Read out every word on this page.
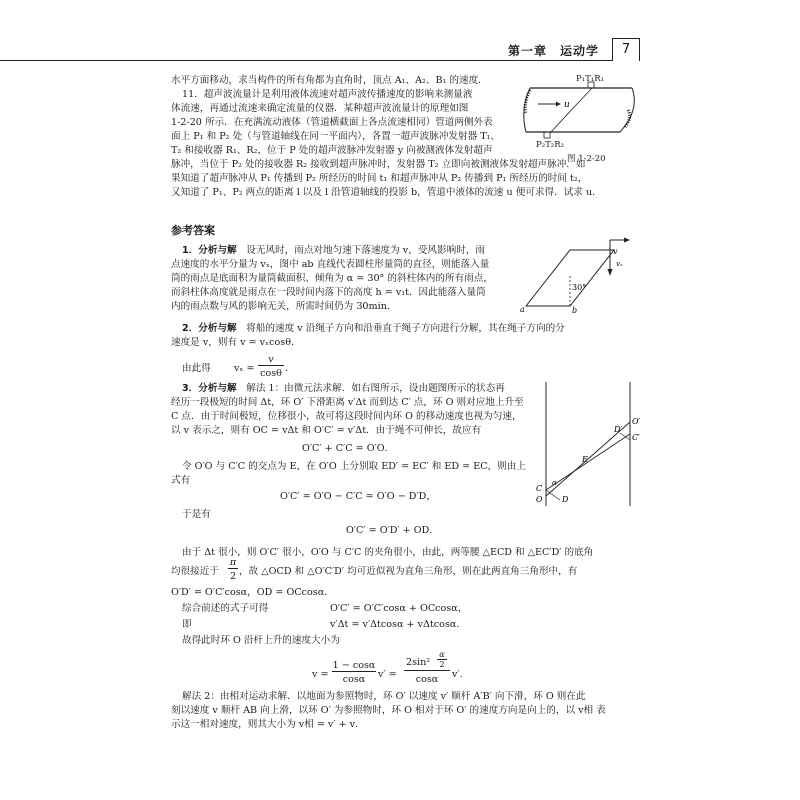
第一章　运动学	7
水平方面移动，求当构件的所有角都为直角时，顶点 A₁、A₂、B₁ 的速度．
11．超声波流量计是利用液体流速对超声波传播速度的影响来测量液
体流速，再通过流速来确定流量的仪器．某种超声波流量计的原理如图
1-2-20 所示．在充满流动液体（管道横截面上各点流速相同）管道两侧外表
面上 P₁ 和 P₂ 处（与管道轴线在同一平面内），各置一超声波脉冲发射器 T₁、
T₂ 和接收器 R₁、R₂，位于 P 处的超声波脉冲发射器 y 向被测液体发射超声
脉冲，当位于 P₂ 处的接收器 R₂ 接收到超声脉冲时，发射器 T₂ 立即向被测液体发射超声脉冲．如
果知道了超声脉冲从 P₁ 传播到 P₂ 所经历的时间 t₁ 和超声脉冲从 P₂ 传播到 P₁ 所经历的时间 t₂，
又知道了 P₁、P₂ 两点的距离 l 以及 l 沿管道轴线的投影 b，管道中液体的流速 u 便可求得．试求 u．
u
P₁T₁R₁
P₂T₂R₂
图 1-2-20
参考答案
1．分析与解　 设无风时，雨点对地匀速下落速度为 v，受风影响时，雨
点速度的水平分量为 vₓ，图中 ab 直线代表圆柱形量筒的直径，则能落入量
筒的雨点是底面积为量筒截面积、倾角为 α = 30° 的斜柱体内的所有雨点，
而斜柱体高度就是雨点在一段时间内落下的高度 h = v₁t．因此能落入量筒
内的雨点数与风的影响无关，所需时间仍为 30min．
v
vₓ
30°
a	b
2．分析与解　 将船的速度 v 沿绳子方向和沿垂直于绳子方向进行分解，其在绳子方向的分
速度是 v，则有 v = vₓcosθ．
由此得 vₓ =
v
cosθ ．
3．分析与解　 解法 1：由微元法求解．如右图所示，设由题图所示的状态再
经历一段极短的时间 Δt，环 O′ 下滑距离 v′Δt 而到达 C′ 点，环 O 则对应地上升至
C 点．由于时间极短，位移很小，故可将这段时间内环 O 的移动速度也视为匀速，
以 v 表示之，则有 OC = vΔt 和 O′C′ = v′Δt．由于绳不可伸长，故应有
O′C′ + C′C = O′O．
令 O′O 与 C′C 的交点为 E，在 O′O 上分别取 ED′ = EC′ 和 ED = EC，则由上
式有
O′C′ = O′O − C′C = O′O − D′D，
于是有
O′C′ = O′D′ + OD．
由于 Δt 很小，则 O′C′ 很小，O′O 与 C′C 的夹角很小，由此，两等腰 △ECD 和 △EC′D′ 的底角
均很接近于
π
2 ，故 △OCD 和 △O′C′D′ 均可近似视为直角三角形，则在此两直角三角形中，有
O′D′ = O′C′cosα，OD = OCcosα．
综合前述的式子可得	O′C′ = O′C′cosα + OCcosα，
即	v′Δt = v′Δtcosα + vΔtcosα．
故得此时环 O 沿杆上升的速度大小为
v =
1 − cosα
cosα	v′ =
2sin²
α
2
cosα	v′．
解法 2：由相对运动求解．以地面为参照物时，环 O′ 以速度 v′ 顺杆 A′B′ 向下滑，环 O 则在此
刻以速度 v 顺杆 AB 向上滑，以环 O′ 为参照物时，环 O 相对于环 O′ 的速度方向是向上的，以 v相 表
示这一相对速度，则其大小为 v相 = v′ + v．
O′
D′
C′
E
α
C
O D
